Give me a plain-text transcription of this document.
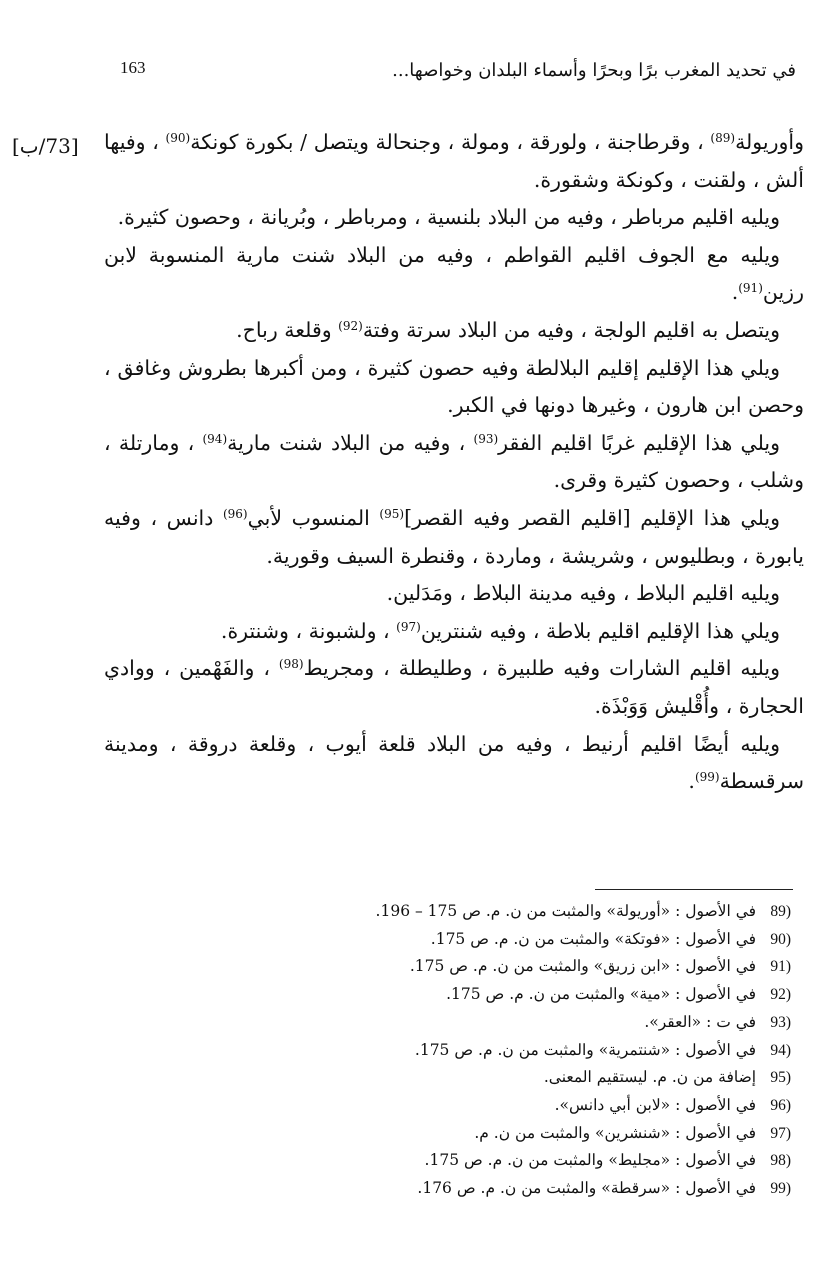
في تحديد المغرب برًا وبحرًا وأسماء البلدان وخواصها...
163
[73/ب]	وأوريولة$^{(89)}$ ، وقرطاجنة ، ولورقة ، ومولة ، وجنحالة ويتصل / بكورة كونكة$^{(90)}$ ، وفيها ألش ، ولقنت ، وكونكة وشقورة.

ويليه اقليم مرباطر ، وفيه من البلاد بلنسية ، ومرباطر ، وبُريانة ، وحصون كثيرة.

ويليه مع الجوف اقليم القواطم ، وفيه من البلاد شنت مارية المنسوبة لابن رزين$^{(91)}$.

ويتصل به اقليم الولجة ، وفيه من البلاد سرتة وفتة$^{(92)}$ وقلعة رباح.

ويلي هذا الإقليم إقليم البلالطة وفيه حصون كثيرة ، ومن أكبرها بطروش وغافق ، وحصن ابن هارون ، وغيرها دونها في الكبر.

ويلي هذا الإقليم غربًا اقليم الفقر$^{(93)}$ ، وفيه من البلاد شنت مارية$^{(94)}$ ، ومارتلة ، وشلب ، وحصون كثيرة وقرى.

ويلي هذا الإقليم [اقليم القصر وفيه القصر]$^{(95)}$ المنسوب لأبي$^{(96)}$ دانس ، وفيه يابورة ، وبطليوس ، وشريشة ، وماردة ، وقنطرة السيف وقورية.

ويليه اقليم البلاط ، وفيه مدينة البلاط ، ومَدَلين.

ويلي هذا الإقليم اقليم بلاطة ، وفيه شنترين$^{(97)}$ ، ولشبونة ، وشنترة.

ويليه اقليم الشارات وفيه طلبيرة ، وطليطلة ، ومجريط$^{(98)}$ ، والفَهْمين ، ووادي الحجارة ، وأُقْليش وَوَبْذَة.

ويليه أيضًا اقليم أرنيط ، وفيه من البلاد قلعة أيوب ، وقلعة دروقة ، ومدينة سرقسطة$^{(99)}$.

(89 في الأصول : «أوريولة» والمثبت من ن. م. ص 175 – 196.
(90 في الأصول : «فوتكة» والمثبت من ن. م. ص 175.
(91 في الأصول : «ابن زريق» والمثبت من ن. م. ص 175.
(92 في الأصول : «مية» والمثبت من ن. م. ص 175.
(93 في ت : «العقر».
(94 في الأصول : «شنتمرية» والمثبت من ن. م. ص 175.
(95 إضافة من ن. م. ليستقيم المعنى.
(96 في الأصول : «لابن أبي دانس».
(97 في الأصول : «شنشرين» والمثبت من ن. م.
(98 في الأصول : «مجليط» والمثبت من ن. م. ص 175.
(99 في الأصول : «سرقطة» والمثبت من ن. م. ص 176.
